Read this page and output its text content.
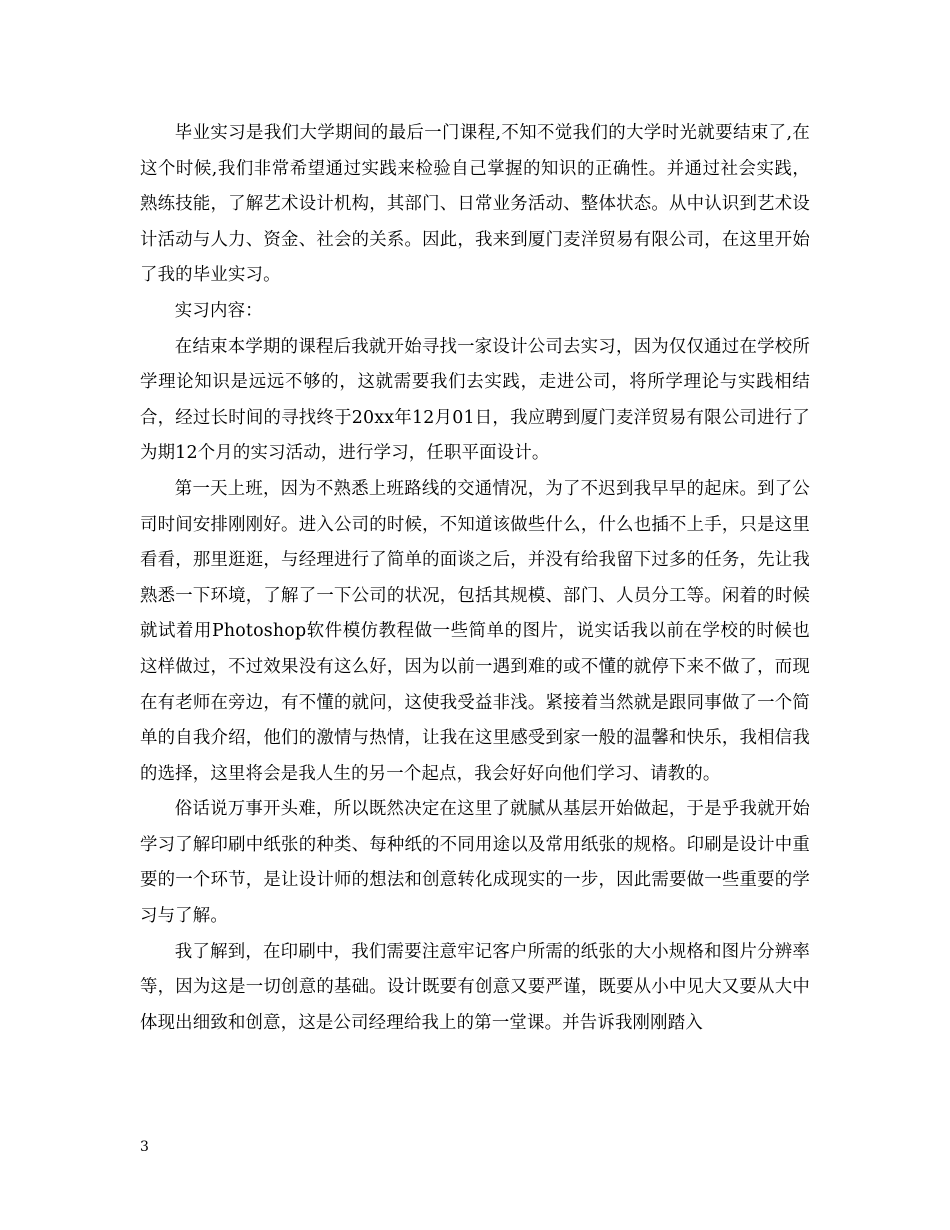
毕业实习是我们大学期间的最后一门课程,不知不觉我们的大学时光就要结束了,在这个时候,我们非常希望通过实践来检验自己掌握的知识的正确性。并通过社会实践，熟练技能，了解艺术设计机构，其部门、日常业务活动、整体状态。从中认识到艺术设计活动与人力、资金、社会的关系。因此，我来到厦门麦洋贸易有限公司，在这里开始了我的毕业实习。

实习内容：

在结束本学期的课程后我就开始寻找一家设计公司去实习，因为仅仅通过在学校所学理论知识是远远不够的，这就需要我们去实践，走进公司，将所学理论与实践相结合，经过长时间的寻找终于20xx年12月01日，我应聘到厦门麦洋贸易有限公司进行了为期12个月的实习活动，进行学习，任职平面设计。

第一天上班，因为不熟悉上班路线的交通情况，为了不迟到我早早的起床。到了公司时间安排刚刚好。进入公司的时候，不知道该做些什么，什么也插不上手，只是这里看看，那里逛逛，与经理进行了简单的面谈之后，并没有给我留下过多的任务，先让我熟悉一下环境，了解了一下公司的状况，包括其规模、部门、人员分工等。闲着的时候就试着用Photoshop软件模仿教程做一些简单的图片，说实话我以前在学校的时候也这样做过，不过效果没有这么好，因为以前一遇到难的或不懂的就停下来不做了，而现在有老师在旁边，有不懂的就问，这使我受益非浅。紧接着当然就是跟同事做了一个简单的自我介绍，他们的激情与热情，让我在这里感受到家一般的温馨和快乐，我相信我的选择，这里将会是我人生的另一个起点，我会好好向他们学习、请教的。

俗话说万事开头难，所以既然决定在这里了就腻从基层开始做起，于是乎我就开始学习了解印刷中纸张的种类、每种纸的不同用途以及常用纸张的规格。印刷是设计中重要的一个环节，是让设计师的想法和创意转化成现实的一步，因此需要做一些重要的学习与了解。

我了解到，在印刷中，我们需要注意牢记客户所需的纸张的大小规格和图片分辨率等，因为这是一切创意的基础。设计既要有创意又要严谨，既要从小中见大又要从大中体现出细致和创意，这是公司经理给我上的第一堂课。并告诉我刚刚踏入

3
